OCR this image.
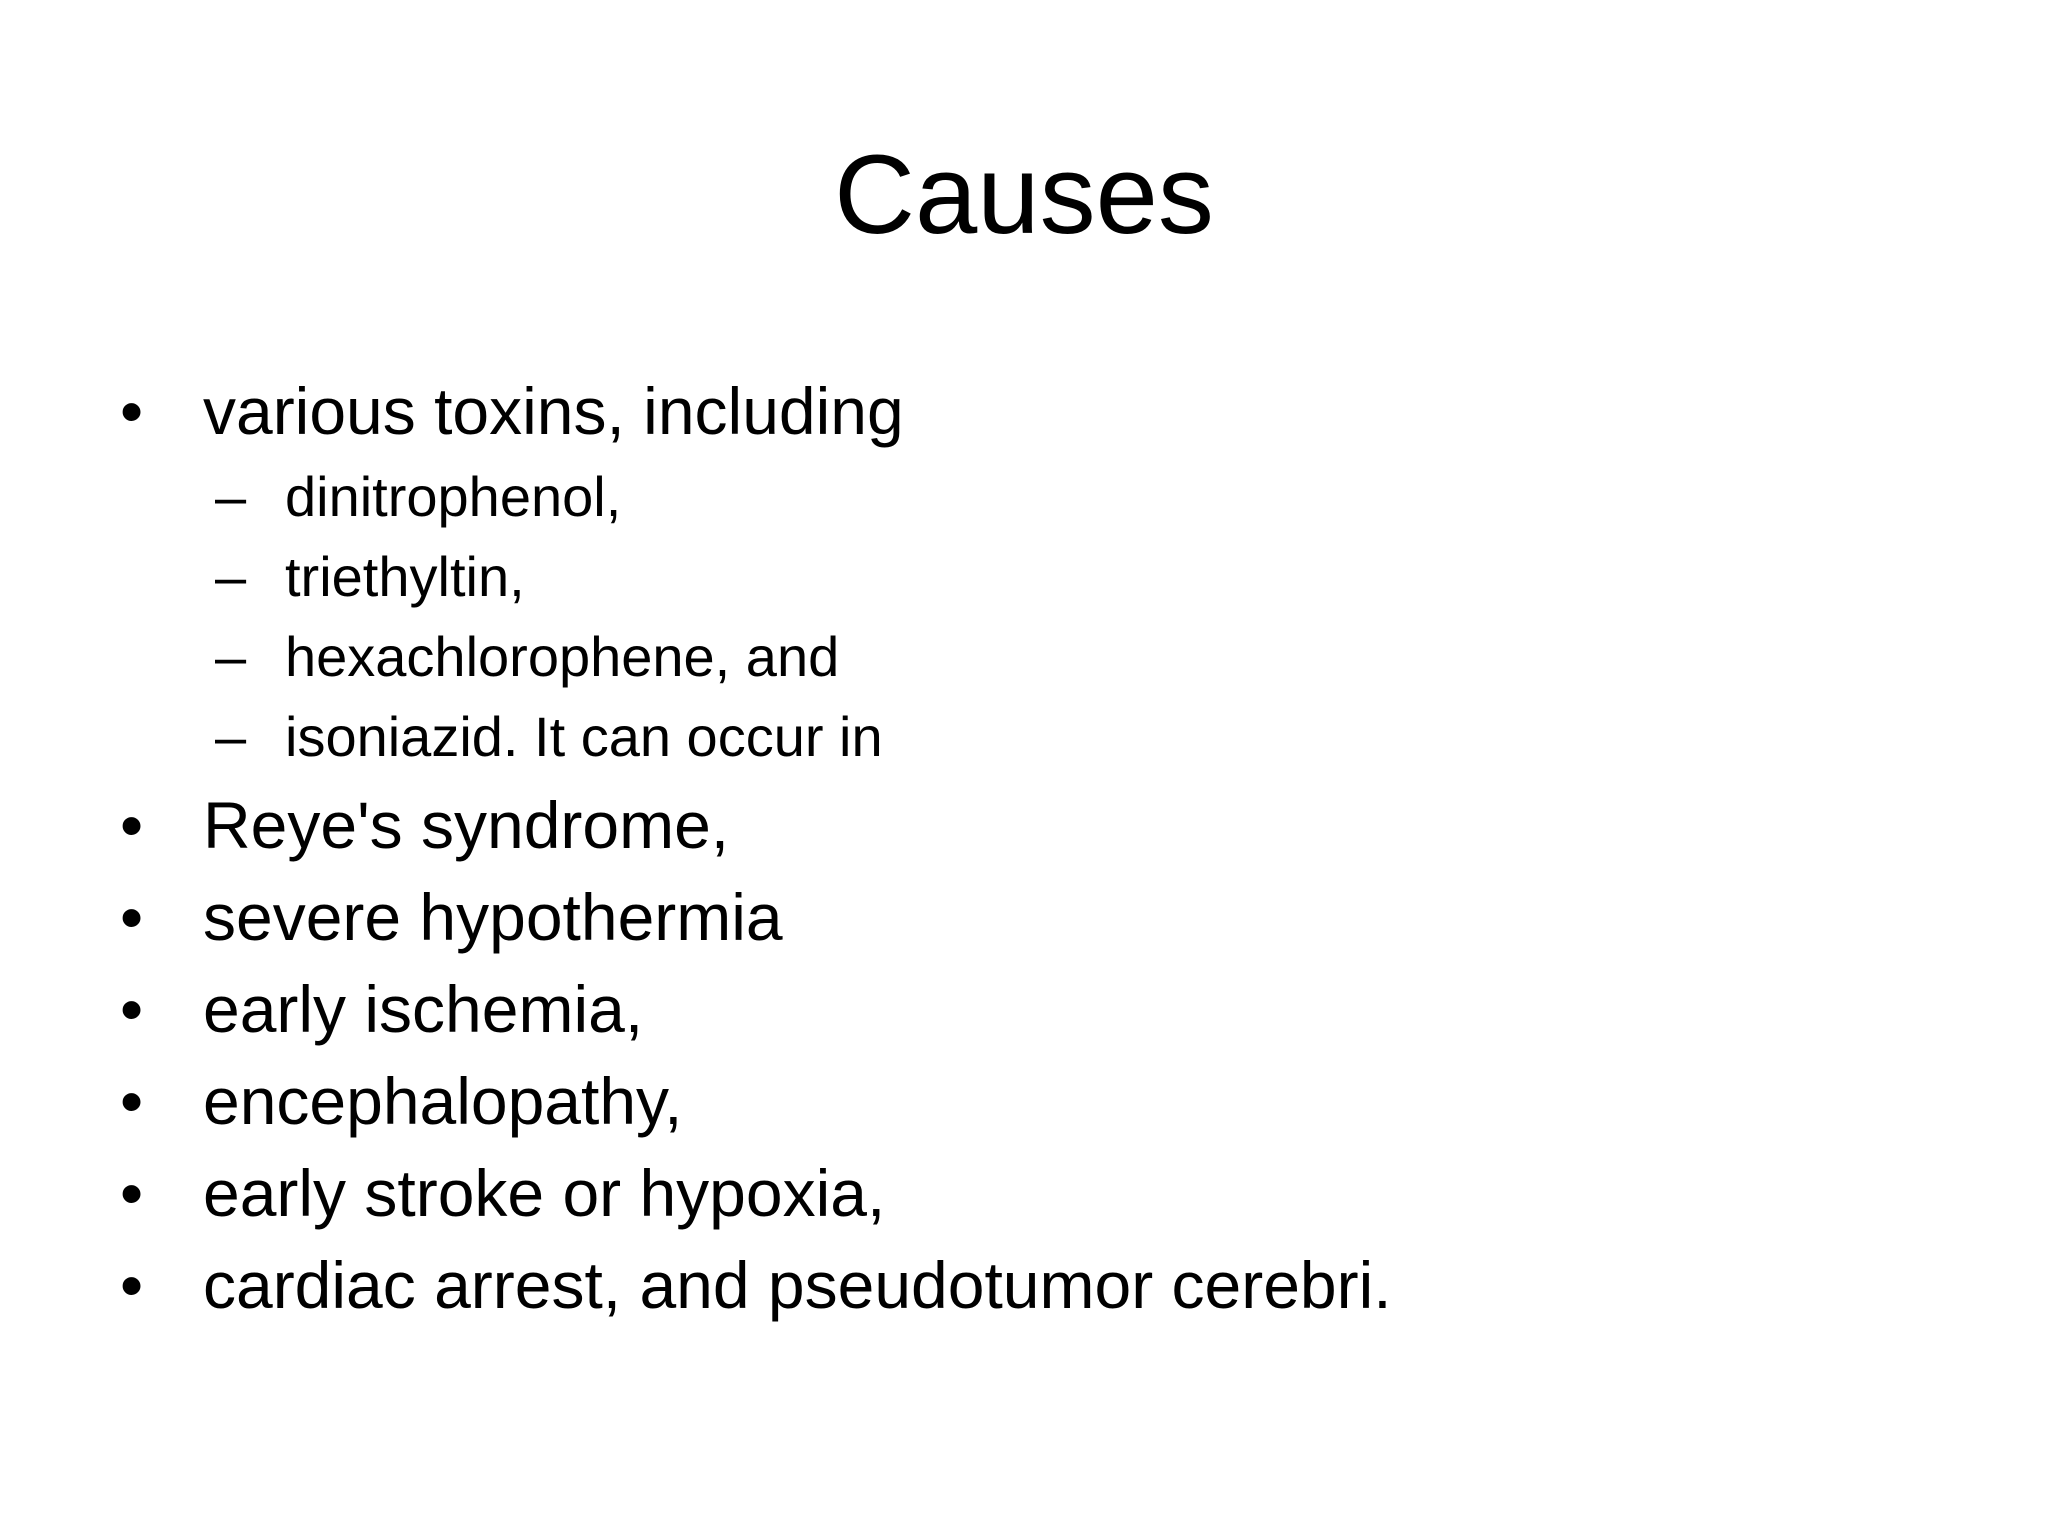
Causes
• various toxins, including
– dinitrophenol,
– triethyltin,
– hexachlorophene, and
– isoniazid. It can occur in
• Reye's syndrome,
• severe hypothermia
• early ischemia,
• encephalopathy,
• early stroke or hypoxia,
• cardiac arrest, and pseudotumor cerebri.
